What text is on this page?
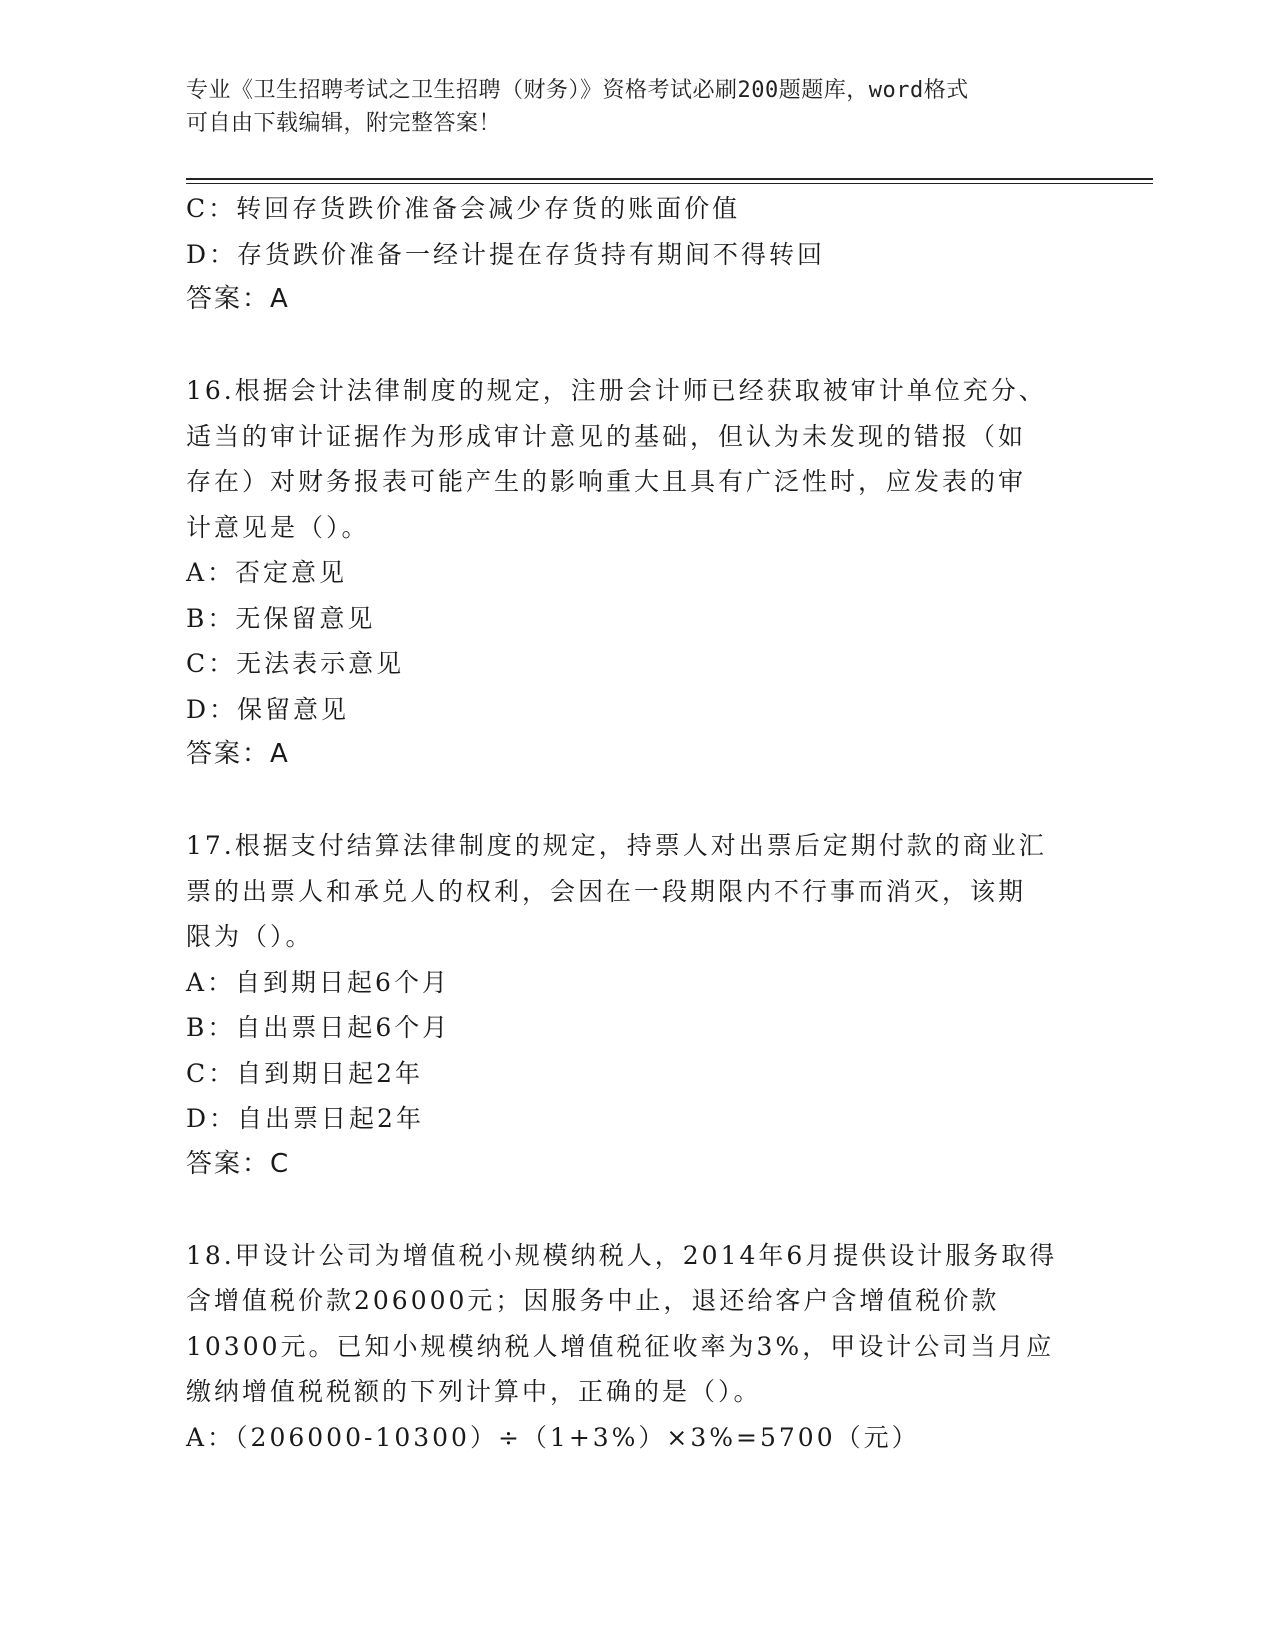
专业《卫生招聘考试之卫生招聘（财务）》资格考试必刷200题题库，word格式
可自由下载编辑，附完整答案！
C：转回存货跌价准备会减少存货的账面价值
D：存货跌价准备一经计提在存货持有期间不得转回
答案：A
16.根据会计法律制度的规定，注册会计师已经获取被审计单位充分、
适当的审计证据作为形成审计意见的基础，但认为未发现的错报（如
存在）对财务报表可能产生的影响重大且具有广泛性时，应发表的审
计意见是（）。
A：否定意见
B：无保留意见
C：无法表示意见
D：保留意见
答案：A
17.根据支付结算法律制度的规定，持票人对出票后定期付款的商业汇
票的出票人和承兑人的权利，会因在一段期限内不行事而消灭，该期
限为（）。
A：自到期日起6个月
B：自出票日起6个月
C：自到期日起2年
D：自出票日起2年
答案：C
18.甲设计公司为增值税小规模纳税人，2014年6月提供设计服务取得
含增值税价款206000元；因服务中止，退还给客户含增值税价款
10300元。已知小规模纳税人增值税征收率为3%，甲设计公司当月应
缴纳增值税税额的下列计算中，正确的是（）。
A：（206000-10300）÷（1+3%）×3%=5700（元）
